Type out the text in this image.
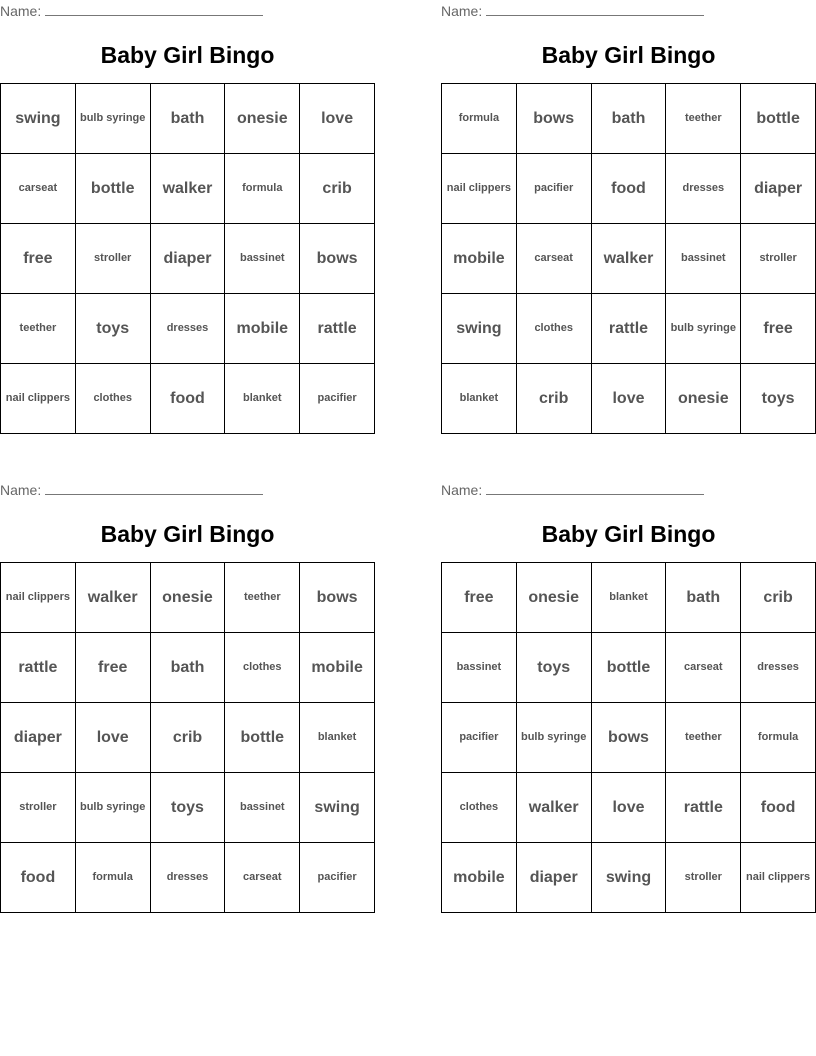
Name:
Baby Girl Bingo
swing	bulb syringe	bath	onesie	love
carseat	bottle	walker	formula	crib
free	stroller	diaper	bassinet	bows
teether	toys	dresses	mobile	rattle
nail clippers	clothes	food	blanket	pacifier
Name:
Baby Girl Bingo
formula	bows	bath	teether	bottle
nail clippers	pacifier	food	dresses	diaper
mobile	carseat	walker	bassinet	stroller
swing	clothes	rattle	bulb syringe	free
blanket	crib	love	onesie	toys
Name:
Baby Girl Bingo
nail clippers	walker	onesie	teether	bows
rattle	free	bath	clothes	mobile
diaper	love	crib	bottle	blanket
stroller	bulb syringe	toys	bassinet	swing
food	formula	dresses	carseat	pacifier
Name:
Baby Girl Bingo
free	onesie	blanket	bath	crib
bassinet	toys	bottle	carseat	dresses
pacifier	bulb syringe	bows	teether	formula
clothes	walker	love	rattle	food
mobile	diaper	swing	stroller	nail clippers
